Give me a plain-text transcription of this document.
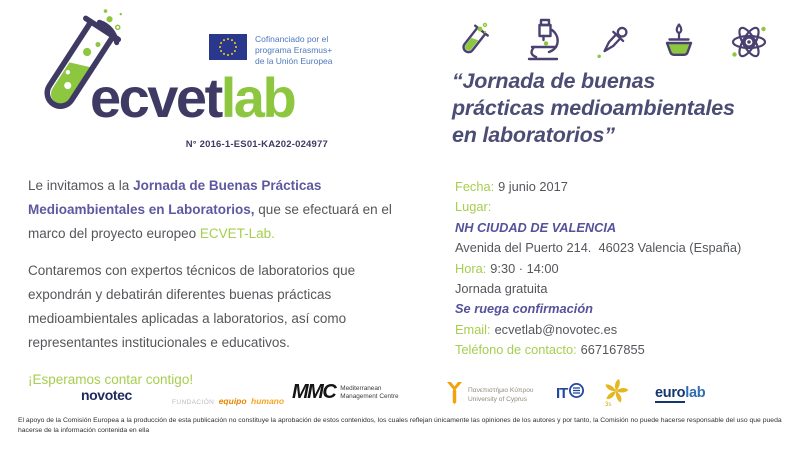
ecvetlab
Cofinanciado por el
programa Erasmus+
de la Unión Europea
N° 2016-1-ES01-KA202-024977

Le invitamos a la Jornada de Buenas Prácticas Medioambientales en Laboratorios, que se efectuará en el marco del proyecto europeo ECVET-Lab.

Contaremos con expertos técnicos de laboratorios que expondrán y debatirán diferentes buenas prácticas medioambientales aplicadas a laboratorios, así como representantes institucionales e educativos.

¡Esperamos contar contigo!

“Jornada de buenas
prácticas medioambientales
en laboratorios”
Fecha: 9 junio 2017
Lugar:
NH CIUDAD DE VALENCIA
Avenida del Puerto 214.  46023 Valencia (España)
Hora: 9:30 · 14:00
Jornada gratuita
Se ruega confirmación
Email: ecvetlab@novotec.es
Teléfono de contacto: 667167855
novotec	FUNDACIÓN equipo humano MMC Mediterranean
Management Centre
Πανεπιστήμιο Κύπρου
University of Cyprus	IT
3s
euro lab
El apoyo de la Comisión Europea a la producción de esta publicación no constituye la aprobación de estos contenidos, los cuales reflejan únicamente las opiniones de los autores y por tanto, la Comisión no puede hacerse responsable del uso que pueda hacerse de la información contenida en ella
